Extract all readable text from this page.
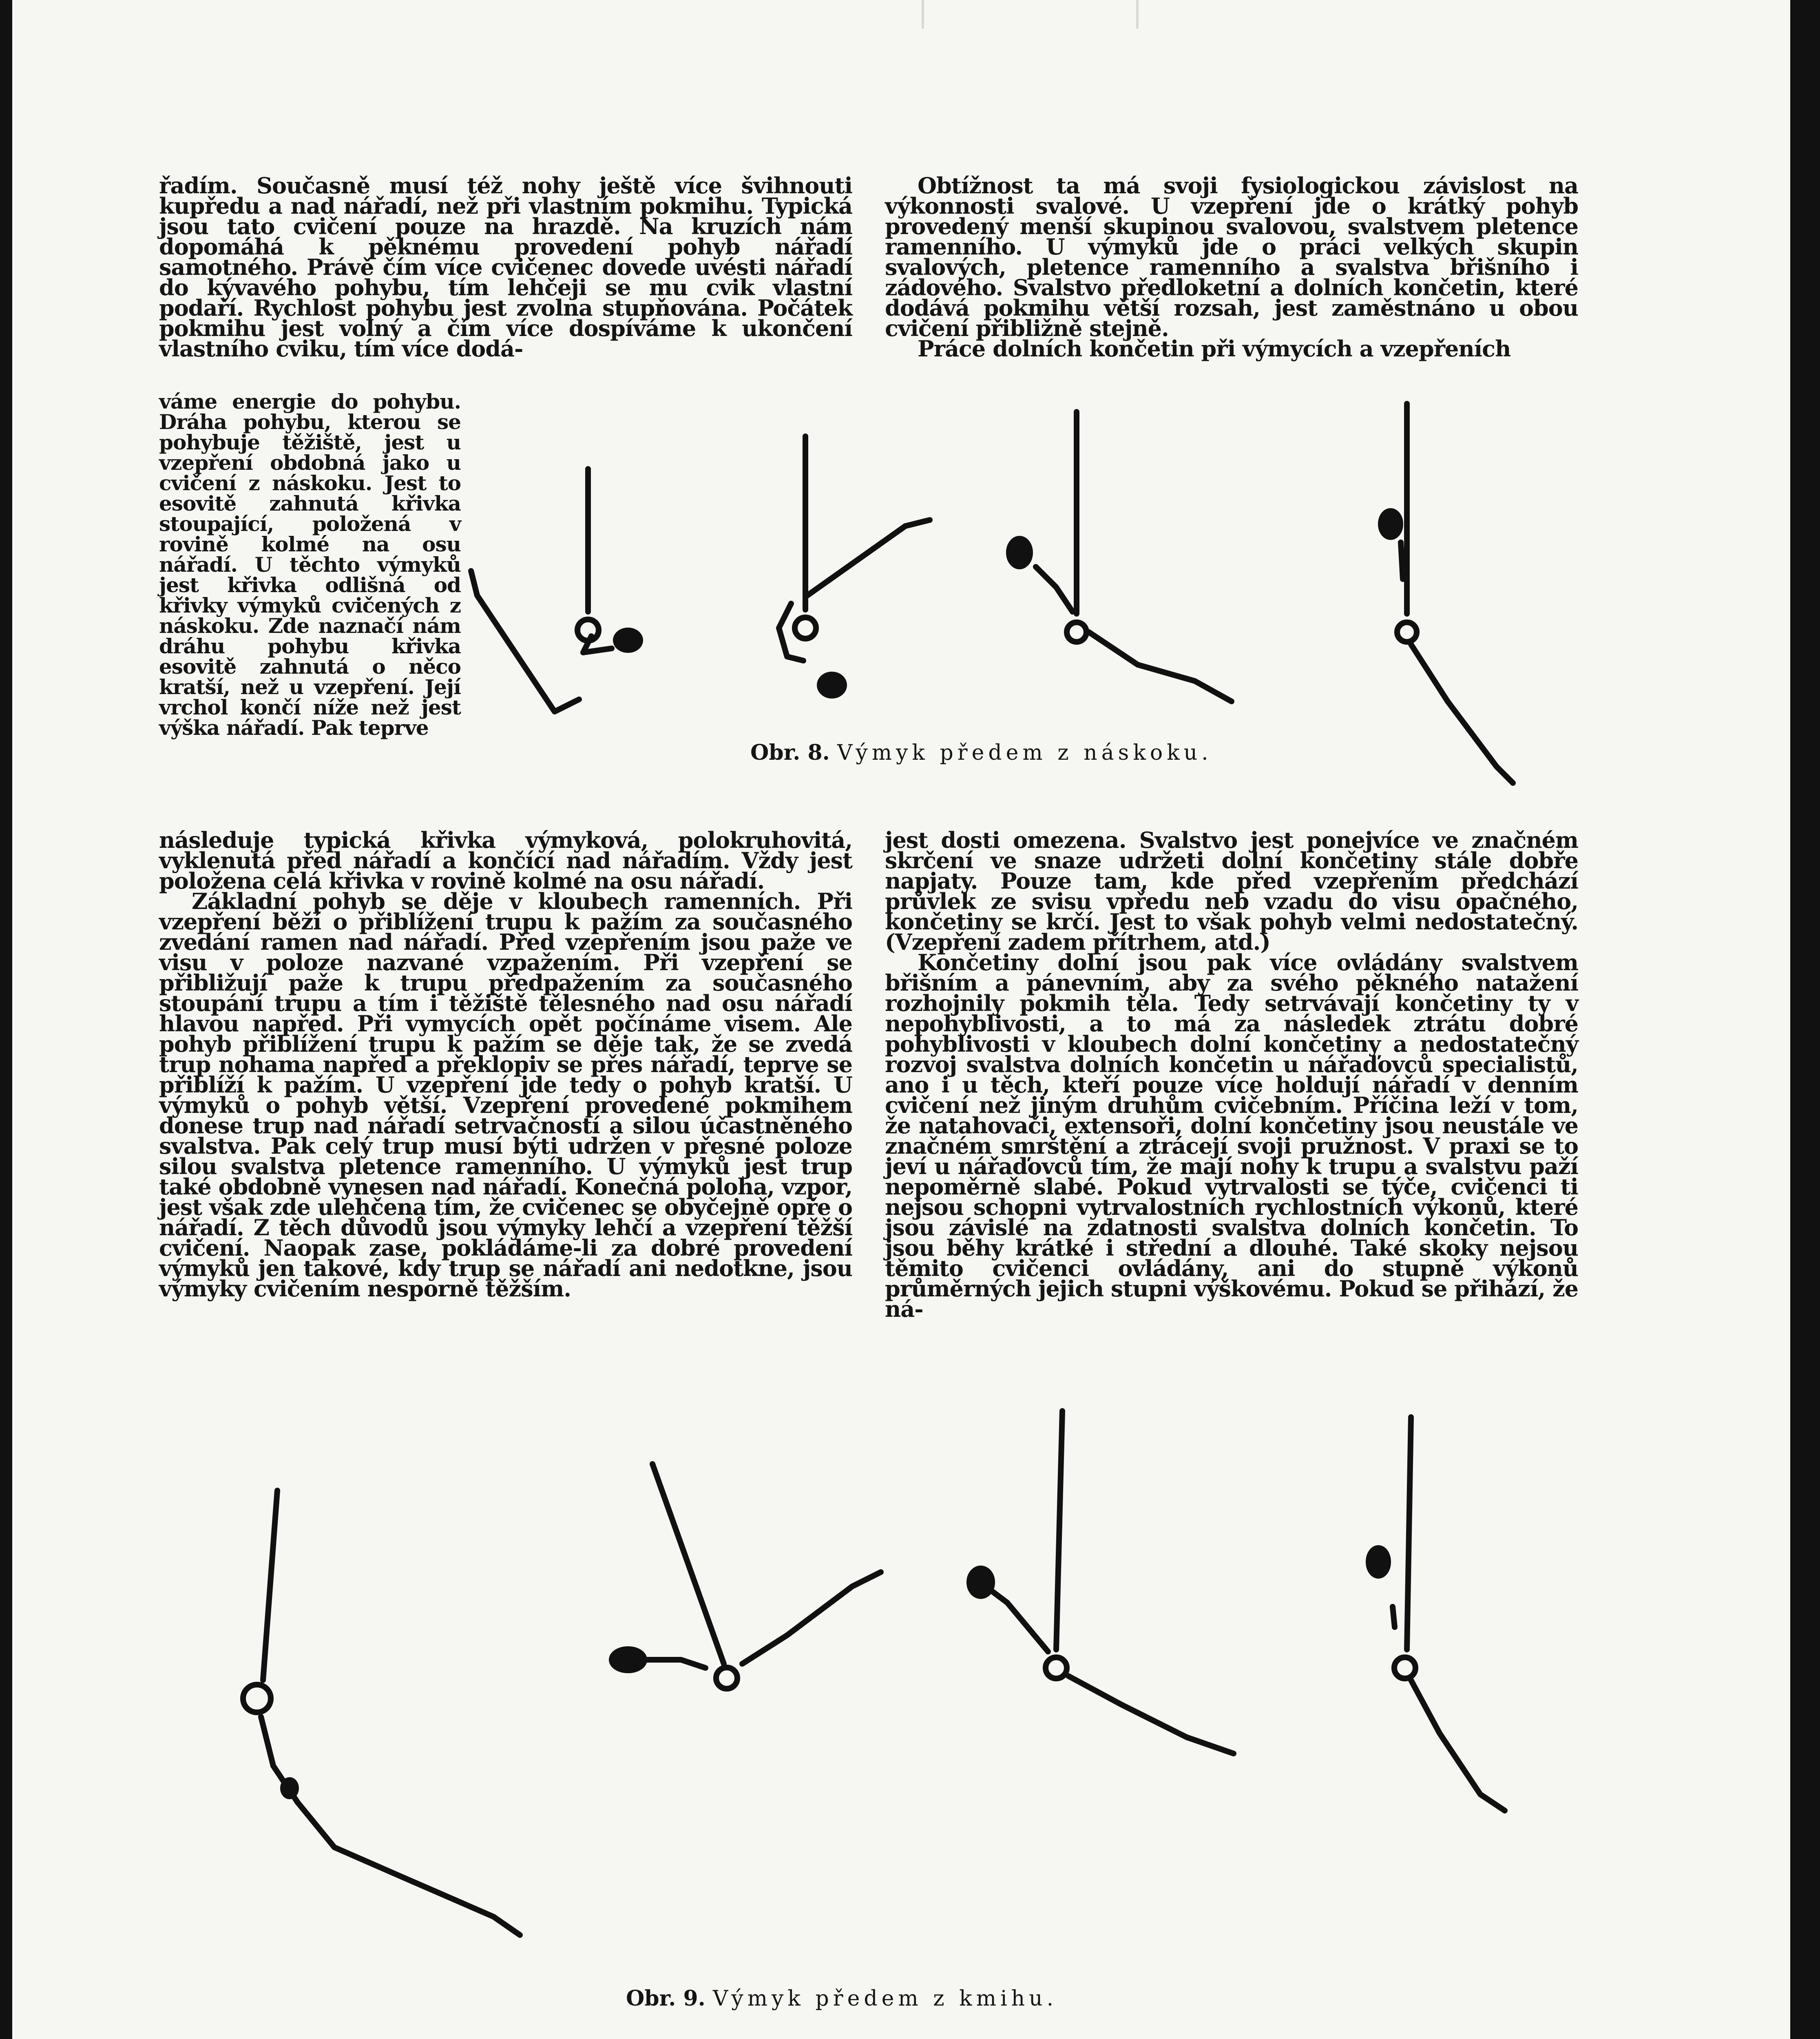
řadím. Současně musí též nohy ještě více švihnouti kupředu a nad nářadí, než při vlastním pokmihu. Typická jsou tato cvičení pouze na hrazdě. Na kruzích nám dopomáhá k pěknému provedení pohyb nářadí samotného. Právě čím více cvičenec dovede uvésti nářadí do kývavého pohybu, tím lehčeji se mu cvik vlastní podaří. Rychlost pohybu jest zvolna stupňována. Počátek pokmihu jest volný a čím více dospíváme k ukončení vlastního cviku, tím více dodá-

váme energie do pohybu. Dráha pohybu, kterou se pohybuje těžiště, jest u vzepření obdobná jako u cvičení z náskoku. Jest to esovitě zahnutá křivka stoupající, položená v rovině kolmé na osu nářadí. U těchto výmyků jest křivka odlišná od křivky výmyků cvičených z náskoku. Zde naznačí nám dráhu pohybu křivka esovitě zahnutá o něco kratší, než u vzepření. Její vrchol končí níže než jest výška nářadí. Pak teprve

následuje typická křivka výmyková, polokruhovitá, vyklenutá před nářadí a končící nad nářadím. Vždy jest položena celá křivka v rovině kolmé na osu nářadí.

Základní pohyb se děje v kloubech ramenních. Při vzepření běží o přiblížení trupu k pažím za současného zvedání ramen nad nářadí. Před vzepřením jsou paže ve visu v poloze nazvané vzpažením. Při vzepření se přibližují paže k trupu předpažením za současného stoupání trupu a tím i těžiště tělesného nad osu nářadí hlavou napřed. Při vymycích opět počínáme visem. Ale pohyb přiblížení trupu k pažím se děje tak, že se zvedá trup nohama napřed a překlopiv se přes nářadí, teprve se přiblíží k pažím. U vzepření jde tedy o pohyb kratší. U výmyků o pohyb větší. Vzepření provedené pokmihem donese trup nad nářadí setrvačností a silou účastněného svalstva. Pak celý trup musí býti udržen v přesné poloze silou svalstva pletence ramenního. U výmyků jest trup také obdobně vynesen nad nářadí. Konečná poloha, vzpor, jest však zde ulehčena tím, že cvičenec se obyčejně opře o nářadí. Z těch důvodů jsou výmyky lehčí a vzepření těžší cvičení. Naopak zase, pokládáme-li za dobré provedení výmyků jen takové, kdy trup se nářadí ani nedotkne, jsou výmyky cvičením nesporně těžším.

Obtížnost ta má svoji fysiologickou závislost na výkonnosti svalové. U vzepření jde o krátký pohyb provedený menší skupinou svalovou, svalstvem pletence ramenního. U výmyků jde o práci velkých skupin svalových, pletence ramenního a svalstva břišního i zádového. Svalstvo předloketní a dolních končetin, které dodává pokmihu větší rozsah, jest zaměstnáno u obou cvičení přibližně stejně.

Práce dolních končetin při výmycích a vzepřeních

jest dosti omezena. Svalstvo jest ponejvíce ve značném skrčení ve snaze udržeti dolní končetiny stále dobře napjaty. Pouze tam, kde před vzepřením předchází průvlek ze svisu vpředu neb vzadu do visu opačného, končetiny se krčí. Jest to však pohyb velmi nedostatečný. (Vzepření zadem přítrhem, atd.)

Končetiny dolní jsou pak více ovládány svalstvem břišním a pánevním, aby za svého pěkného natažení rozhojnily pokmih těla. Tedy setrvávají končetiny ty v nepohyblivosti, a to má za následek ztrátu dobré pohyblivosti v kloubech dolní končetiny a nedostatečný rozvoj svalstva dolních končetin u nářaďovců specialistů, ano i u těch, kteří pouze více holdují nářadí v denním cvičení než jiným druhům cvičebním. Příčina leží v tom, že natahovači, extensoři, dolní končetiny jsou neustále ve značném smrštění a ztrácejí svoji pružnost. V praxi se to jeví u nářaďovců tím, že mají nohy k trupu a svalstvu paží nepoměrně slabé. Pokud vytrvalosti se týče, cvičenci ti nejsou schopni vytrvalostních rychlostních výkonů, které jsou závislé na zdatnosti svalstva dolních končetin. To jsou běhy krátké i střední a dlouhé. Také skoky nejsou těmito cvičenci ovládány, ani do stupně výkonů průměrných jejich stupni výškovému. Pokud se přihází, že ná-

Obr. 8. Výmyk předem z náskoku.
Obr. 9. Výmyk předem z kmihu.
